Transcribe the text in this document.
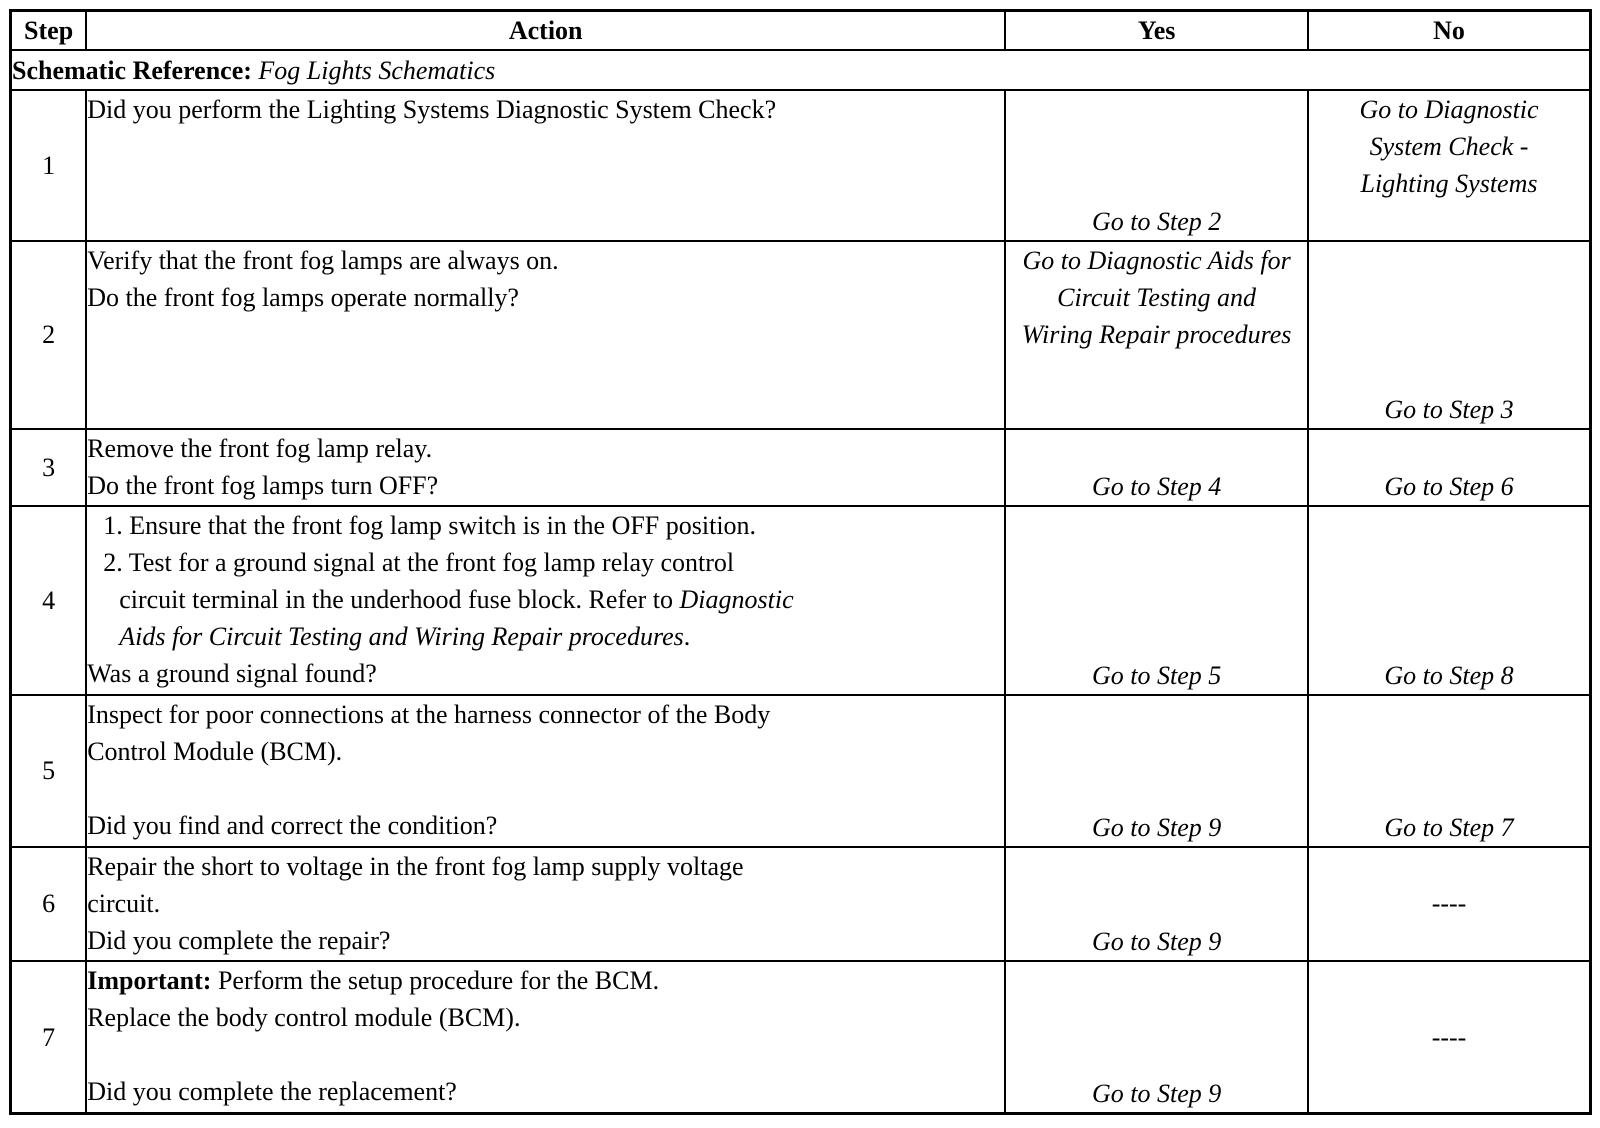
Step	Action	Yes	No
Schematic Reference: Fog Lights Schematics			
1	Did you perform the Lighting Systems Diagnostic System Check?	Go to Step 2	Go to Diagnostic System Check - Lighting Systems

2	Verify that the front fog lamps are always on.
Do the front fog lamps operate normally?	Go to Diagnostic Aids for Circuit Testing and Wiring Repair procedures	Go to Step 3

3	Remove the front fog lamp relay.
Do the front fog lamps turn OFF?	Go to Step 4	Go to Step 6

4	1. Ensure that the front fog lamp switch is in the OFF position.
2. Test for a ground signal at the front fog lamp relay control
circuit terminal in the underhood fuse block. Refer to Diagnostic
Aids for Circuit Testing and Wiring Repair procedures.
Was a ground signal found?	Go to Step 5	Go to Step 8

5	Inspect for poor connections at the harness connector of the Body
Control Module (BCM).

Did you find and correct the condition?	Go to Step 9	Go to Step 7

6	Repair the short to voltage in the front fog lamp supply voltage
circuit.
Did you complete the repair?	Go to Step 9	----
7	Important: Perform the setup procedure for the BCM.
Replace the body control module (BCM).

Did you complete the replacement?	Go to Step 9	----
